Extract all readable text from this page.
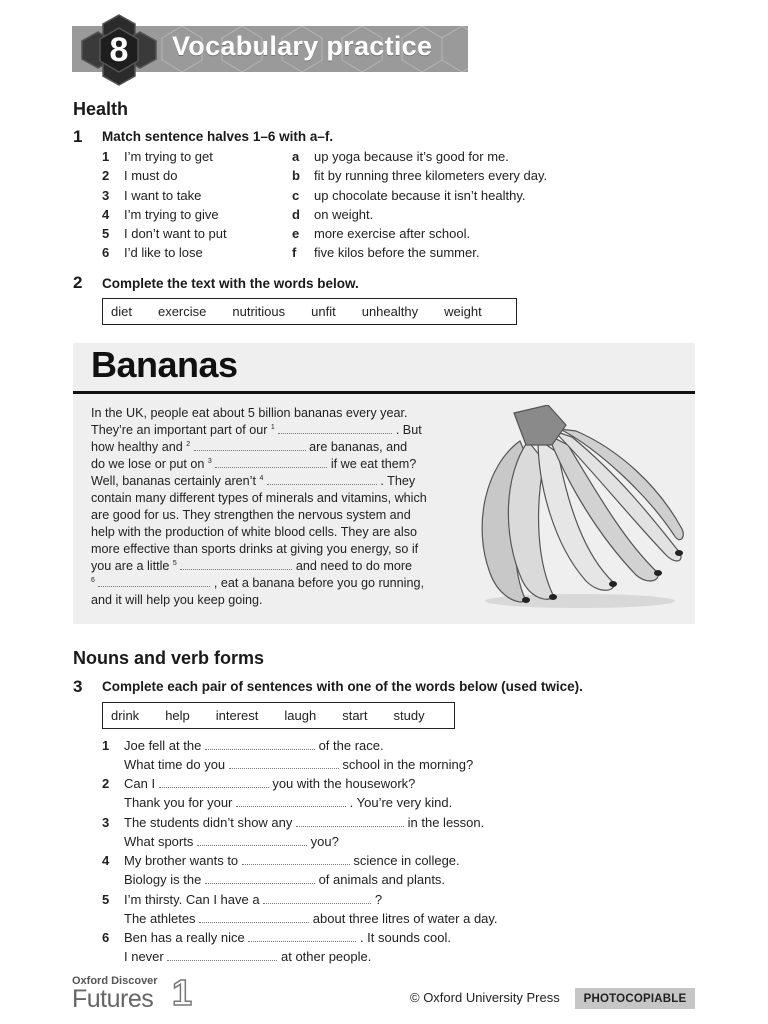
8	Vocabulary practice
Health
1 Match sentence halves 1–6 with a–f.
1 I’m trying to get	a up yoga because it’s good for me.
2 I must do	b fit by running three kilometers every day.
3 I want to take	c up chocolate because it isn’t healthy.
4 I’m trying to give	d on weight.
5 I don’t want to put	e more exercise after school.
6 I’d like to lose	f five kilos before the summer.
2 Complete the text with the words below.
diet exercise nutritious unfit unhealthy weight
Bananas
In the UK, people eat about 5 billion bananas every year.
They’re an important part of our $^1$	. But
how healthy and $^2$	are bananas, and
do we lose or put on $^3$	if we eat them?
Well, bananas certainly aren’t $^4$	. They
contain many different types of minerals and vitamins, which
are good for us. They strengthen the nervous system and
help with the production of white blood cells. They are also
more effective than sports drinks at giving you energy, so if
you are a little $^5$	and need to do more
$^6$	, eat a banana before you go running,
and it will help you keep going.
Nouns and verb forms
3 Complete each pair of sentences with one of the words below (used twice).
drink help interest laugh start study
1 Joe fell at the	of the race.
What time do you	school in the morning?
2 Can I	you with the housework?
Thank you for your	. You’re very kind.
3 The students didn’t show any	in the lesson.
What sports	you?
4 My brother wants to	science in college.
Biology is the	of animals and plants.
5 I’m thirsty. Can I have a	?
The athletes	about three litres of water a day.
6 Ben has a really nice	. It sounds cool.
I never	at other people.
Oxford Discover
Futures 1	© Oxford University Press	PHOTOCOPIABLE
